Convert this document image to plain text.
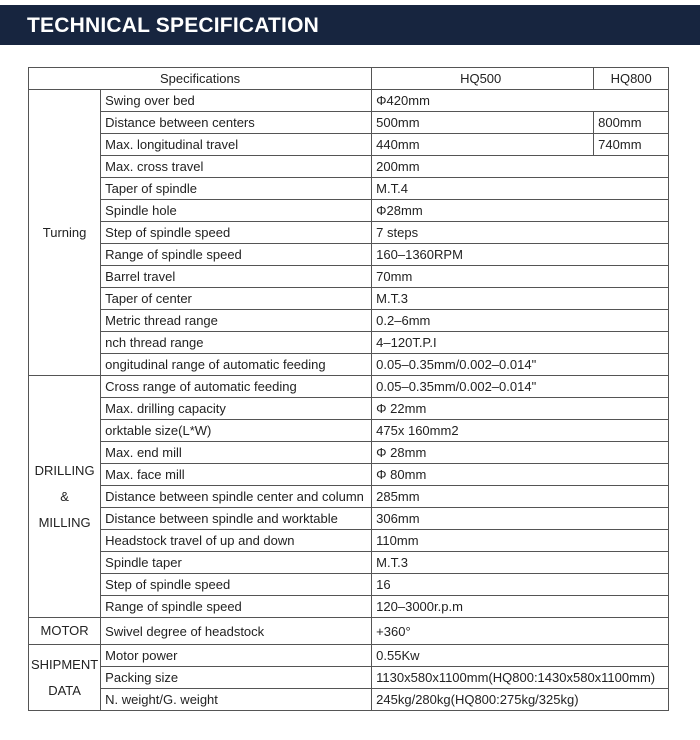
TECHNICAL SPECIFICATION
Specifications		HQ500	HQ800
Turning	Swing over bed	Φ420mm	
	Distance between centers	500mm	800mm
	Max. longitudinal travel	440mm	740mm
	Max. cross travel	200mm	
	Taper of spindle	M.T.4	
	Spindle hole	Φ28mm	
	Step of spindle speed	7 steps	
	Range of spindle speed	160–1360RPM	
	Barrel travel	70mm	
	Taper of center	M.T.3	
	Metric thread range	0.2–6mm	
	nch thread range	4–120T.P.I	
	ongitudinal range of automatic feeding	0.05–0.35mm/0.002–0.014"	

DRILLING
&
MILLING	Cross range of automatic feeding	0.05–0.35mm/0.002–0.014"	
	Max. drilling capacity	Φ 22mm	
	orktable size(L*W)	475x 160mm2	
	Max. end mill	Φ 28mm	
	Max. face mill	Φ 80mm	
	Distance between spindle center and column	285mm	
	Distance between spindle and worktable	306mm	
	Headstock travel of up and down	110mm	
	Spindle taper	M.T.3	
	Step of spindle speed	16	
	Range of spindle speed	120–3000r.p.m	
MOTOR	Swivel degree of headstock	+360°	

SHIPMENT
DATA	Motor power	0.55Kw	
	Packing size	1130x580x1100mm(HQ800:1430x580x1100mm)	
	N. weight/G. weight	245kg/280kg(HQ800:275kg/325kg)	
